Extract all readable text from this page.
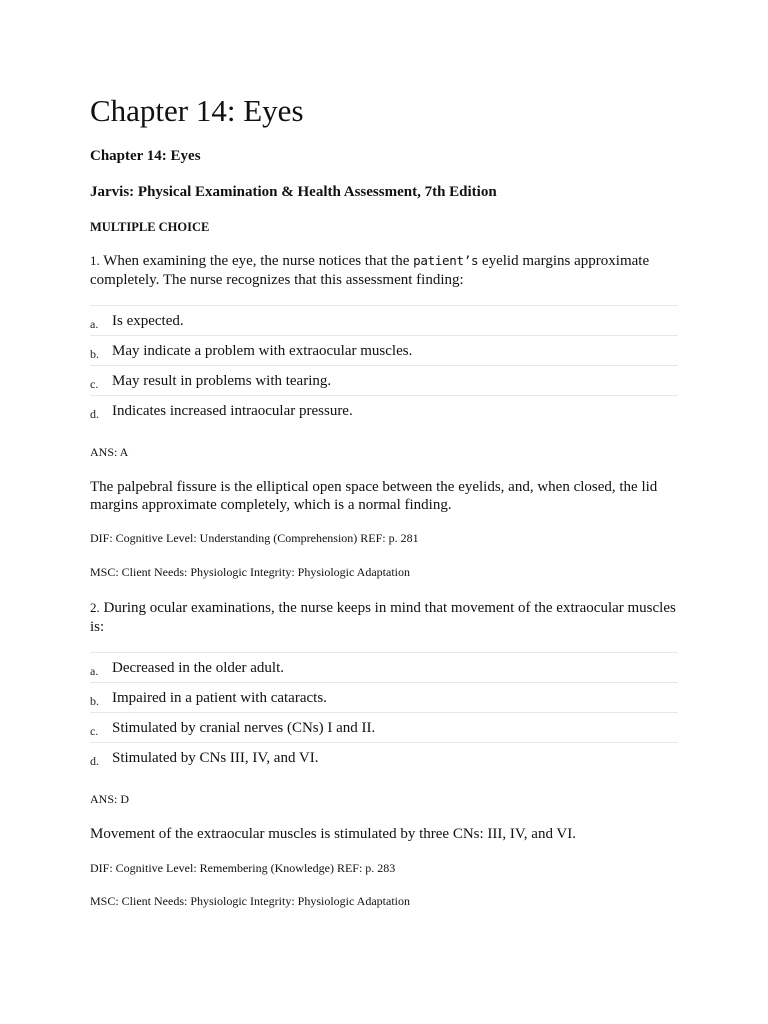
Chapter 14: Eyes

Chapter 14: Eyes

Jarvis: Physical Examination & Health Assessment, 7th Edition

MULTIPLE CHOICE

1. When examining the eye, the nurse notices that the patient’s eyelid margins approximate completely. The nurse recognizes that this assessment finding:

a. Is expected.
b. May indicate a problem with extraocular muscles.
c. May result in problems with tearing.
d. Indicates increased intraocular pressure.

ANS: A

The palpebral fissure is the elliptical open space between the eyelids, and, when closed, the lid margins approximate completely, which is a normal finding.

DIF: Cognitive Level: Understanding (Comprehension) REF: p. 281

MSC: Client Needs: Physiologic Integrity: Physiologic Adaptation

2. During ocular examinations, the nurse keeps in mind that movement of the extraocular muscles is:

a. Decreased in the older adult.
b. Impaired in a patient with cataracts.
c. Stimulated by cranial nerves (CNs) I and II.
d. Stimulated by CNs III, IV, and VI.

ANS: D

Movement of the extraocular muscles is stimulated by three CNs: III, IV, and VI.

DIF: Cognitive Level: Remembering (Knowledge) REF: p. 283

MSC: Client Needs: Physiologic Integrity: Physiologic Adaptation
